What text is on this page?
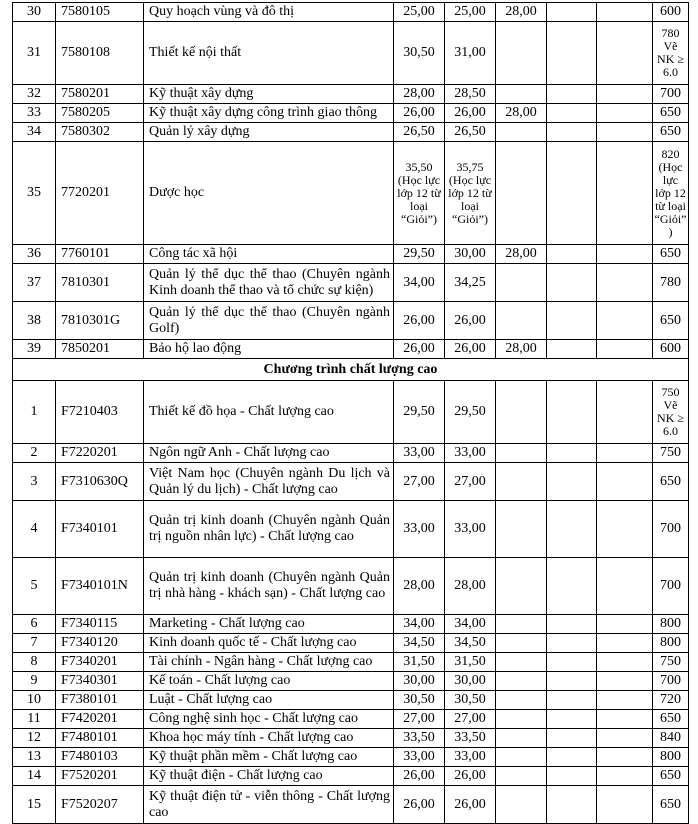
30	7580105	Quy hoạch vùng và đô thị	25,00	25,00	28,00			600
31	7580108	Thiết kế nội thất	30,50	31,00				780 Vẽ NK ≥ 6.0
32	7580201	Kỹ thuật xây dựng	28,00	28,50				700
33	7580205	Kỹ thuật xây dựng công trình giao thông	26,00	26,00	28,00			650
34	7580302	Quản lý xây dựng	26,50	26,50				650
35	7720201	Dược học	35,50 (Học lực lớp 12 từ loại “Giỏi”)	35,75 (Học lực lớp 12 từ loại “Giỏi”)				820 (Học lực lớp 12 từ loại “Giỏi” )
36	7760101	Công tác xã hội	29,50	30,00	28,00			650
37	7810301	Quản lý thể dục thể thao (Chuyên ngành Kinh doanh thể thao và tổ chức sự kiện)	34,00	34,25				780
38	7810301G	Quản lý thể dục thể thao (Chuyên ngành Golf)	26,00	26,00				650
39	7850201	Bảo hộ lao động	26,00	26,00	28,00			600
Chương trình chất lượng cao								
1	F7210403	Thiết kế đồ họa - Chất lượng cao	29,50	29,50				750 Vẽ NK ≥ 6.0
2	F7220201	Ngôn ngữ Anh - Chất lượng cao	33,00	33,00				750
3	F7310630Q	Việt Nam học (Chuyên ngành Du lịch và Quản lý du lịch) - Chất lượng cao	27,00	27,00				650
4	F7340101	Quản trị kinh doanh (Chuyên ngành Quản trị nguồn nhân lực) - Chất lượng cao	33,00	33,00				700
5	F7340101N	Quản trị kinh doanh (Chuyên ngành Quản trị nhà hàng - khách sạn) - Chất lượng cao	28,00	28,00				700
6	F7340115	Marketing - Chất lượng cao	34,00	34,00				800
7	F7340120	Kinh doanh quốc tế - Chất lượng cao	34,50	34,50				800
8	F7340201	Tài chính - Ngân hàng - Chất lượng cao	31,50	31,50				750
9	F7340301	Kế toán - Chất lượng cao	30,00	30,00				700
10	F7380101	Luật - Chất lượng cao	30,50	30,50				720
11	F7420201	Công nghệ sinh học - Chất lượng cao	27,00	27,00				650
12	F7480101	Khoa học máy tính - Chất lượng cao	33,50	33,50				840
13	F7480103	Kỹ thuật phần mềm - Chất lượng cao	33,00	33,00				800
14	F7520201	Kỹ thuật điện - Chất lượng cao	26,00	26,00				650
15	F7520207	Kỹ thuật điện tử - viễn thông - Chất lượng cao	26,00	26,00				650
